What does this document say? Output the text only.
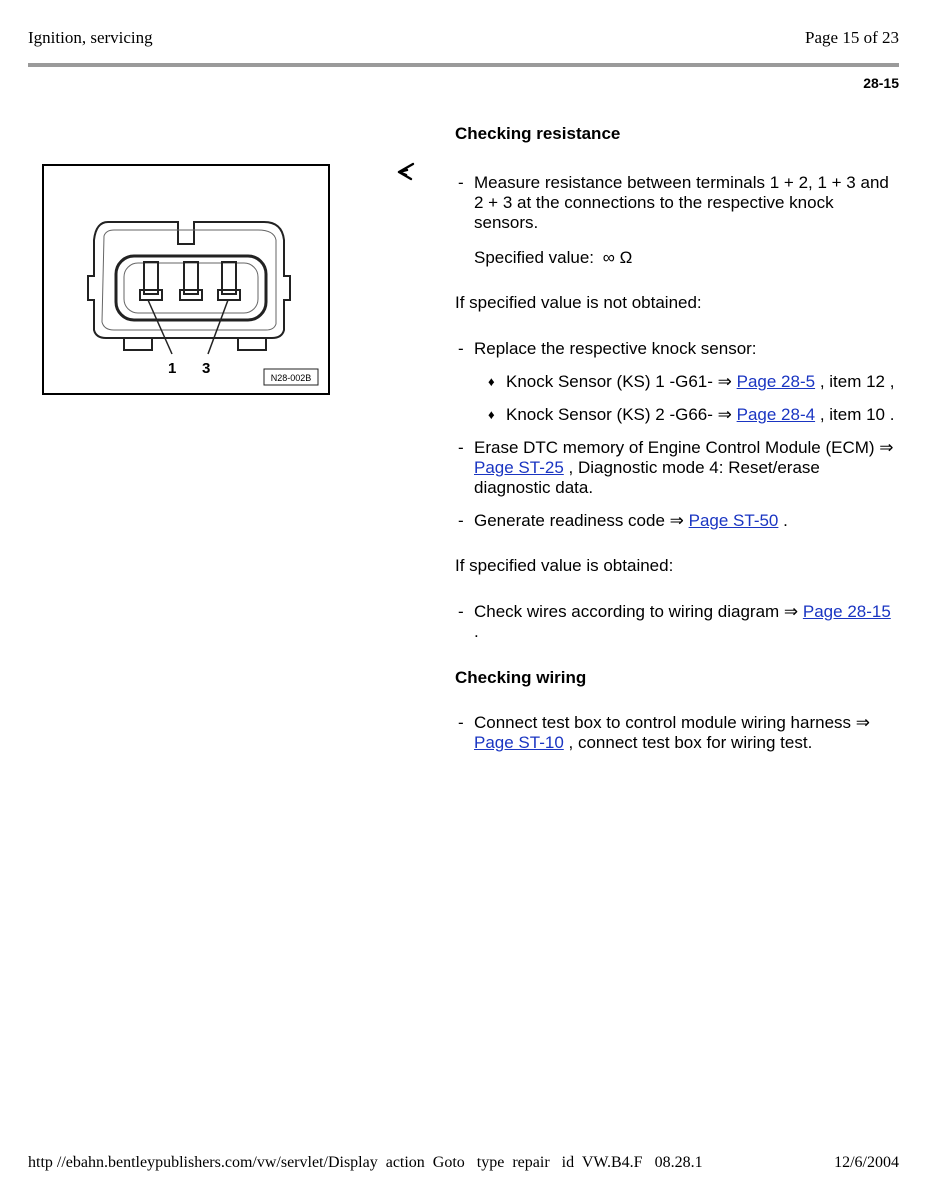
Ignition, servicing	Page 15 of 23
28-15
1 3
N28-002B

Checking resistance

- Measure resistance between terminals 1 + 2, 1 + 3 and 2 + 3 at the connections to the respective knock sensors.

Specified value: ∞ Ω

If specified value is not obtained:

- Replace the respective knock sensor:
♦ Knock Sensor (KS) 1 -G61- ⇒ Page 28-5 , item 12 ,
♦ Knock Sensor (KS) 2 -G66- ⇒ Page 28-4 , item 10 .
- Erase DTC memory of Engine Control Module (ECM) ⇒ Page ST-25 , Diagnostic mode 4: Reset/erase diagnostic data.
- Generate readiness code ⇒ Page ST-50 .

If specified value is obtained:

- Check wires according to wiring diagram ⇒ Page 28-15 .

Checking wiring

- Connect test box to control module wiring harness ⇒ Page ST-10 , connect test box for wiring test.
http //ebahn.bentleypublishers.com/vw/servlet/Display  action  Goto   type  repair   id  VW.B4.F   08.28.1	12/6/2004
